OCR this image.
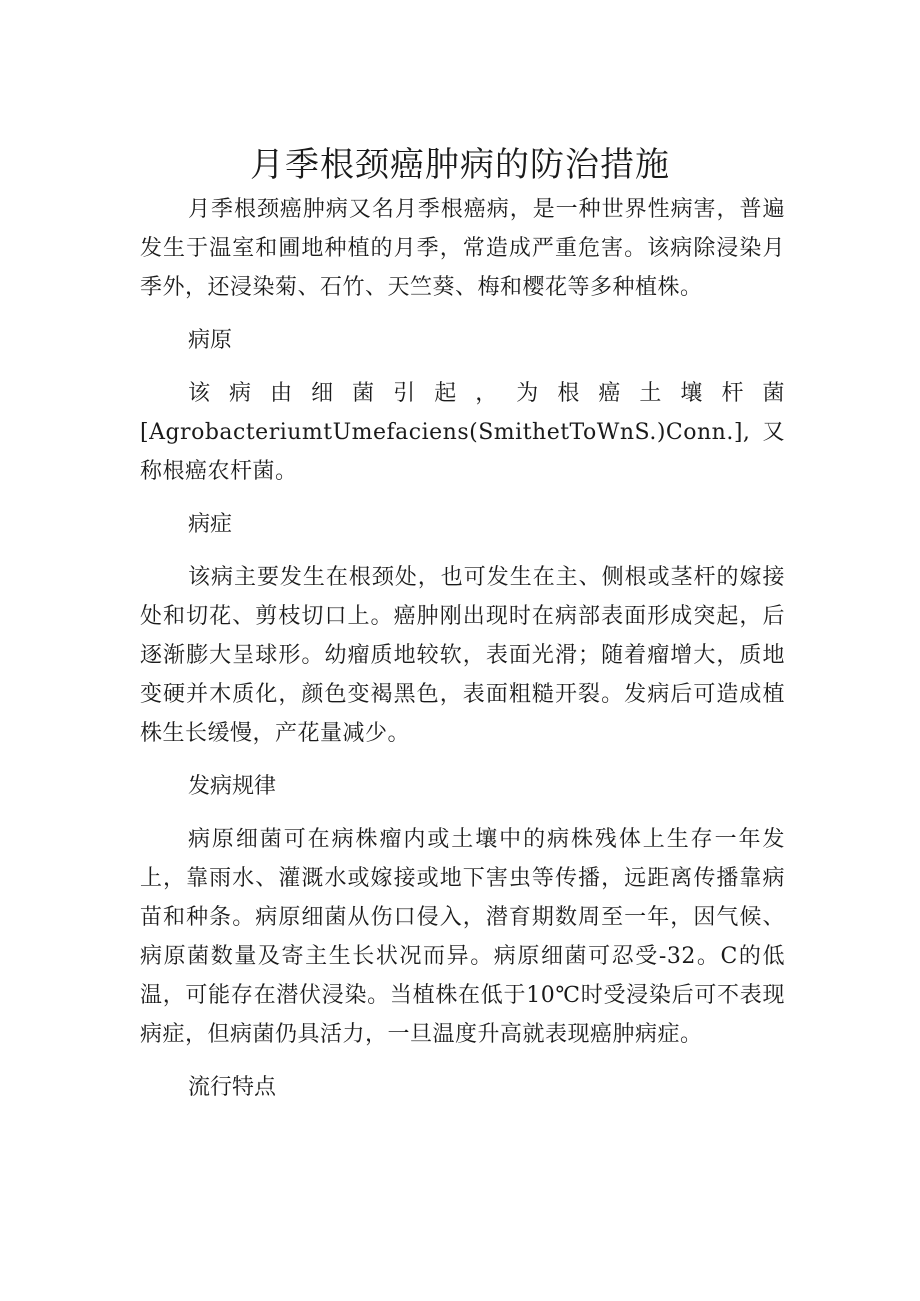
月季根颈癌肿病的防治措施

月季根颈癌肿病又名月季根癌病，是一种世界性病害，普遍发生于温室和圃地种植的月季，常造成严重危害。该病除浸染月季外，还浸染菊、石竹、天竺葵、梅和樱花等多种植株。

病原

该 病 由 细 菌 引 起 ， 为 根 癌 土 壤 杆 菌
[AgrobacteriumtUmefaciens(SmithetToWnS.)Conn.],又称根癌农杆菌。

病症

该病主要发生在根颈处，也可发生在主、侧根或茎杆的嫁接处和切花、剪枝切口上。癌肿刚出现时在病部表面形成突起，后逐渐膨大呈球形。幼瘤质地较软，表面光滑；随着瘤增大，质地变硬并木质化，颜色变褐黑色，表面粗糙开裂。发病后可造成植株生长缓慢，产花量减少。

发病规律

病原细菌可在病株瘤内或土壤中的病株残体上生存一年发上，靠雨水、灌溉水或嫁接或地下害虫等传播，远距离传播靠病苗和种条。病原细菌从伤口侵入，潜育期数周至一年，因气候、病原菌数量及寄主生长状况而异。病原细菌可忍受-32。C的低温，可能存在潜伏浸染。当植株在低于10℃时受浸染后可不表现病症，但病菌仍具活力，一旦温度升高就表现癌肿病症。

流行特点
